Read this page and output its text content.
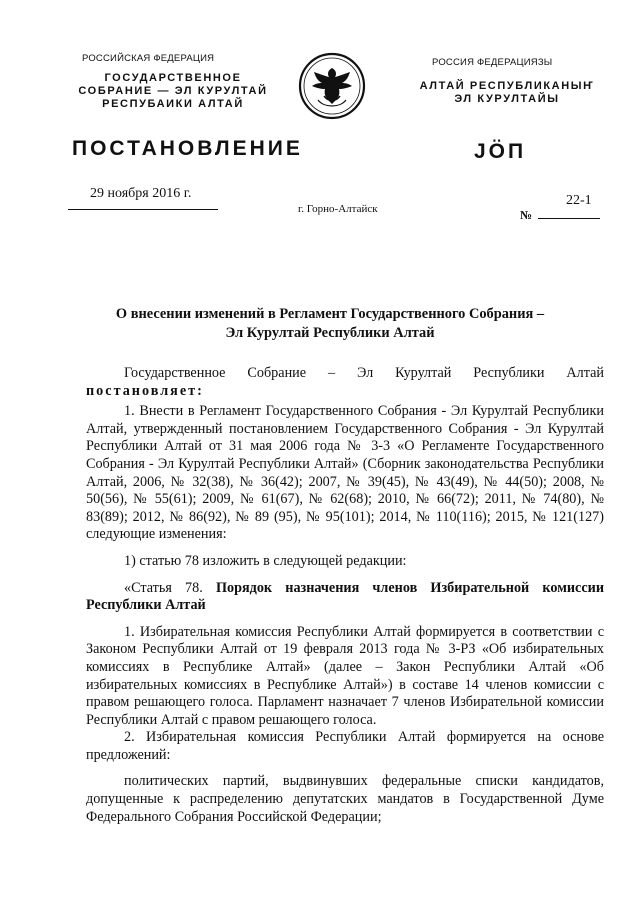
РОССИЙСКАЯ ФЕДЕРАЦИЯ
ГОСУДАРСТВЕННОЕ
СОБРАНИЕ — ЭЛ КУРУЛТАЙ
РЕСПУБАИКИ АЛТАЙ
РОССИЯ ФЕДЕРАЦИЯЗЫ
АЛТАЙ РЕСПУБЛИКАНЫҤ
ЭЛ КУРУЛТАЙЫ
ПОСТАНОВЛЕНИЕ	JӦП
29 ноября 2016 г.
г. Горно-Алтайск
22-1
№
О внесении изменений в Регламент Государственного Собрания –
Эл Курултай Республики Алтай

Государственное Собрание – Эл Курултай Республики Алтай

постановляет:

1. Внести в Регламент Государственного Собрания - Эл Курултай Республики Алтай, утвержденный постановлением Государственного Собрания - Эл Курултай Республики Алтай от 31 мая 2006 года № 3-3 «О Регламенте Государственного Собрания - Эл Курултай Республики Алтай» (Сборник законодательства Республики Алтай, 2006, № 32(38), № 36(42); 2007, № 39(45), № 43(49), № 44(50); 2008, № 50(56), № 55(61); 2009, № 61(67), № 62(68); 2010, № 66(72); 2011, № 74(80), № 83(89); 2012, № 86(92), № 89 (95), № 95(101); 2014, № 110(116); 2015, № 121(127) следующие изменения:

1) статью 78 изложить в следующей редакции:

«Статья 78. Порядок назначения членов Избирательной комиссии Республики Алтай

1. Избирательная комиссия Республики Алтай формируется в соответствии с Законом Республики Алтай от 19 февраля 2013 года № 3-РЗ «Об избирательных комиссиях в Республике Алтай» (далее – Закон Республики Алтай «Об избирательных комиссиях в Республике Алтай») в составе 14 членов комиссии с правом решающего голоса. Парламент назначает 7 членов Избирательной комиссии Республики Алтай с правом решающего голоса.

2. Избирательная комиссия Республики Алтай формируется на основе предложений:

политических партий, выдвинувших федеральные списки кандидатов, допущенные к распределению депутатских мандатов в Государственной Думе Федерального Собрания Российской Федерации;
